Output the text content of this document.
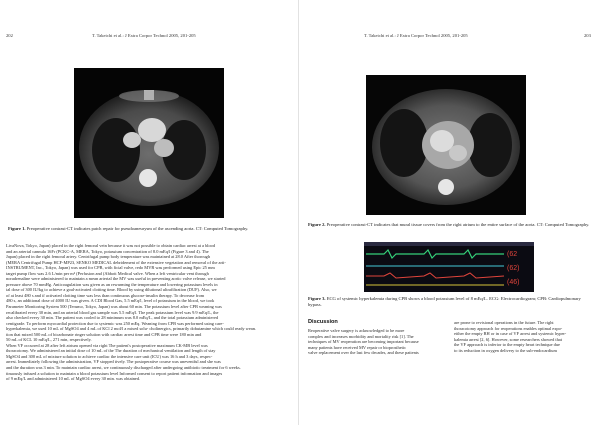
202	T. Takeichi et al.: J Extra Corpor Technol 2005, 201-205
Figure 1. Preoperative contrast-CT indicates patch repair for pseudoaneurysm of the ascending aorta. CT: Computed Tomography.
LivaNova, Tokyo, Japan) placed in the right femoral vein because it was not possible to obtain cardiac arrest at a blood
and an arterial cannula 16Fr (PCKC-A, MERA, Tokyo, potassium concentration of 8.0 mEq/l (Figure 3 and 4). The
Japan) placed in the right femoral artery. Centrifugal pump body temperature was maintained at 28.0 After thorough
(MERA Centrifugal Pump HCF-MP23, SENKO MEDICAL debridement of the extensive vegetation and removal of the arti-
INSTRUMENT, Inc., Tokyo, Japan) was used for CPB, with ficial valve, redo MVR was performed using Epic 25 mm
target pump flow was 2.6 L/min per m² (Perfusion and (Abbott Medical valve. When a left ventricular vent through
noradrenaline were administered to maintain a mean arterial the MV was useful in preventing aortic valve release, we started
pressure above 70 mmHg. Anticoagulation was given as an rewarming the temperature and lowering potassium levels in
ial dose of 300 IU/kg to achieve a goal-activated clotting time. Blood by using dilutional ultrafiltration (DUF). Also, we
of at least 480 s and if activated clotting time was less than continuous glucose-insulin therapy. To decrease from
480 s, an additional dose of 4000 IU was given. A CDI Blood Gas, 5.5 mEq/l, level of potassium in the blood, we took
Parameter Monitoring System 500 (Terumo, Tokyo, Japan) was about 60 min. The potassium level after CPB weaning was
recalibrated every 30 min, and an arterial blood gas sample was 5.5 mEq/l. The peak potassium level was 9.9 mEq/L, the
also checked every 30 min. The patient was cooled to 28 minimum was 8.0 mEq/L, and the total potassium administered
centigrade. To perform myocardial protection due to systemic was 250 mEq. Weaning from CPB was performed using care-
hyperkalemia, we used 10 mL of MgSO4 and 4 mL of KCl 2 mol/l a mixed solu- cholinergics, primarily dobutamine which could ready wean.
tion that mixed 500 mL of bicarbonate ringer solution with cardiac arrest time and CPB time were 180 min and
50 mL of KCL 10 mEq/L, 271 min, respectively.
When VF occurred at 28 after left atrium opened via right The patient's postoperative maximum CK-MB level was
thoracotomy. We administered an initial dose of 10 mL of the The duration of mechanical ventilation and length of stay
MgSO4 and 300 mL of mixture solution to achieve cardiac the intensive care unit (ICU) was 16 h and 3 days, respec-
arrest. Immediately following the administration, VF stopped tively. The postoperative course was uneventful and she was
and the duration was 3 min. To maintain cardiac arrest, we continuously discharged after undergoing antibiotic treatment for 6 weeks.
tinuously infused a solution to maintain a blood potassium level Informed consent to report patient information and images
of 9 mEq/L and administered 10 mL of MgSO4 every 30 min. was obtained.
T. Takeichi et al.: J Extra Corpor Technol 2005, 201-205	203
Figure 2. Preoperative contrast-CT indicates that mural tissue covers from the right atrium to the entire surface of the aorta. CT: Computed Tomography.
(62
(62)
(46)
Figure 3. ECG of systemic hyperkalemia during CPB shows a blood potassium level of 8 mEq/L. ECG: Electrocardiogram; CPB: Cardiopulmonary bypass.
Discussion
Reoperative valve surgery is acknowledged to be more
complex and increases morbidity and mortality risk [1]. The
techniques of MV reoperation are becoming important because
many patients have received MV repair or bioprosthetic
valve replacement over the last few decades, and these patients
are prone to revisional operations in the future. The right
thoracotomy approach for reoperations enables optimal expo-
either the empty RH or in case of VF arrest and systemic hyper-
kalemia arrest [2, 6]. However, some researchers showed that
the VF approach is inferior to the empty heart technique due
to its reduction in oxygen delivery to the sub-endocardium
